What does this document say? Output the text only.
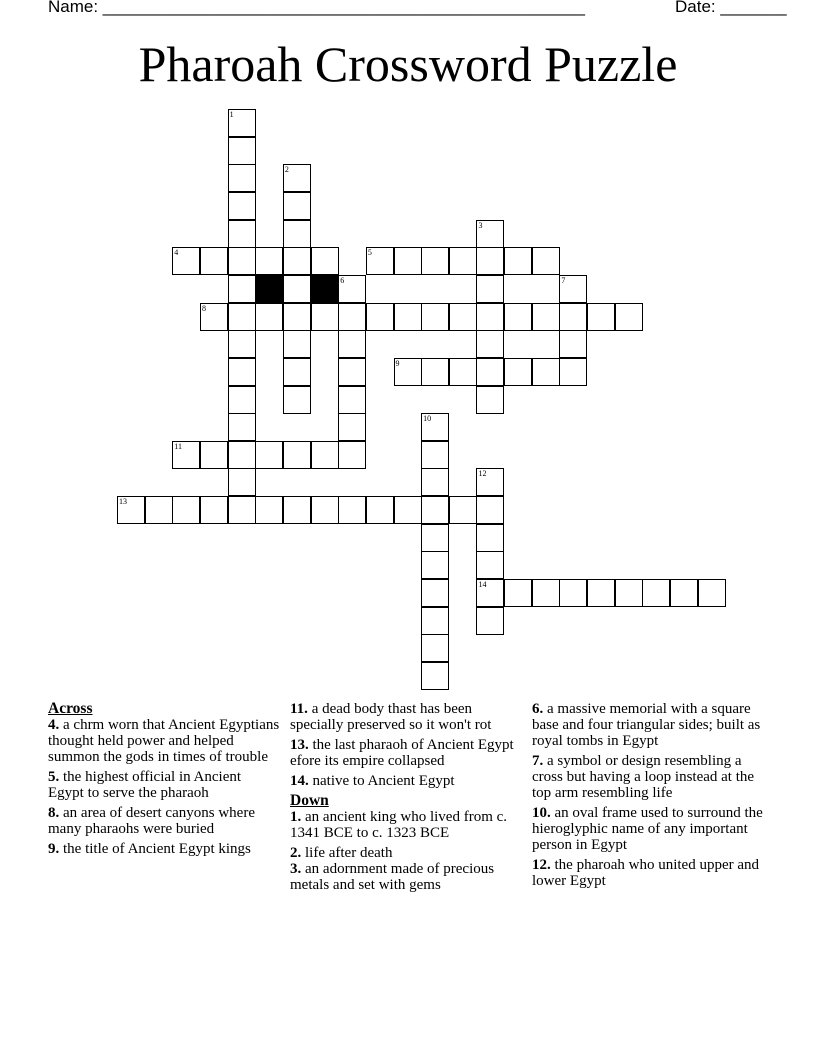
Name: ___________________________________________________	Date: _______
Pharoah Crossword Puzzle
1
2
3
6	7
10
12
14
4	5
8
9
11
13
Across
4. a chrm worn that Ancient Egyptians thought held power and helped summon the gods in times of trouble
5. the highest official in Ancient Egypt to serve the pharaoh
8. an area of desert canyons where many pharaohs were buried
9. the title of Ancient Egypt kings
11. a dead body thast has been specially preserved so it won't rot
13. the last pharaoh of Ancient Egypt efore its empire collapsed
14. native to Ancient Egypt
Down
1. an ancient king who lived from c. 1341 BCE to c. 1323 BCE
2. life after death
3. an adornment made of precious metals and set with gems
6. a massive memorial with a square base and four triangular sides; built as royal tombs in Egypt
7. a symbol or design resembling a cross but having a loop instead at the top arm resembling life
10. an oval frame used to surround the hieroglyphic name of any important person in Egypt
12. the pharoah who united upper and lower Egypt
